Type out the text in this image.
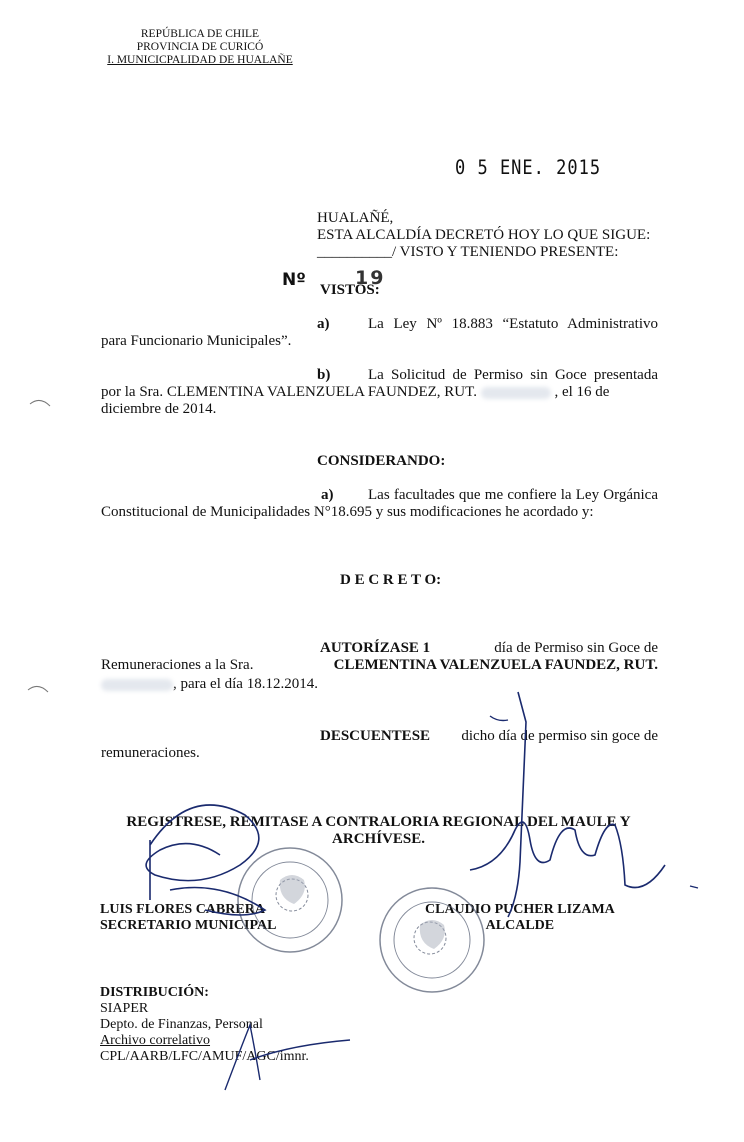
REPÚBLICA DE CHILE
PROVINCIA DE CURICÓ
I. MUNICICPALIDAD DE HUALAÑE
0 5 ENE. 2015
HUALAÑÉ,
ESTA ALCALDÍA DECRETÓ HOY LO QUE SIGUE:
__________/ VISTO Y TENIENDO PRESENTE:
Nº	19
VISTOS:
a)	La Ley Nº 18.883 “Estatuto Administrativo
para Funcionario Municipales”.
b)	La Solicitud de Permiso sin Goce presentada
por la Sra. CLEMENTINA VALENZUELA FAUNDEZ, RUT.	, el 16 de
diciembre de 2014.
CONSIDERANDO:
a) Las facultades que me confiere la Ley Orgánica
Constitucional de Municipalidades N°18.695 y sus modificaciones he acordado y:
D E C R E T O:
AUTORÍZASE 1	día de Permiso sin Goce de
Remuneraciones a la Sra.	CLEMENTINA VALENZUELA FAUNDEZ, RUT.
, para el día 18.12.2014.
DESCUENTESE dicho día de permiso sin goce de
remuneraciones.
REGISTRESE, REMITASE A CONTRALORIA REGIONAL DEL MAULE Y
ARCHÍVESE.
LUIS FLORES CABRERA
SECRETARIO MUNICIPAL
CLAUDIO PUCHER LIZAMA
ALCALDE
DISTRIBUCIÓN:
SIAPER
Depto. de Finanzas, Personal
Archivo correlativo
CPL/AARB/LFC/AMUF/AGC/imnr.
